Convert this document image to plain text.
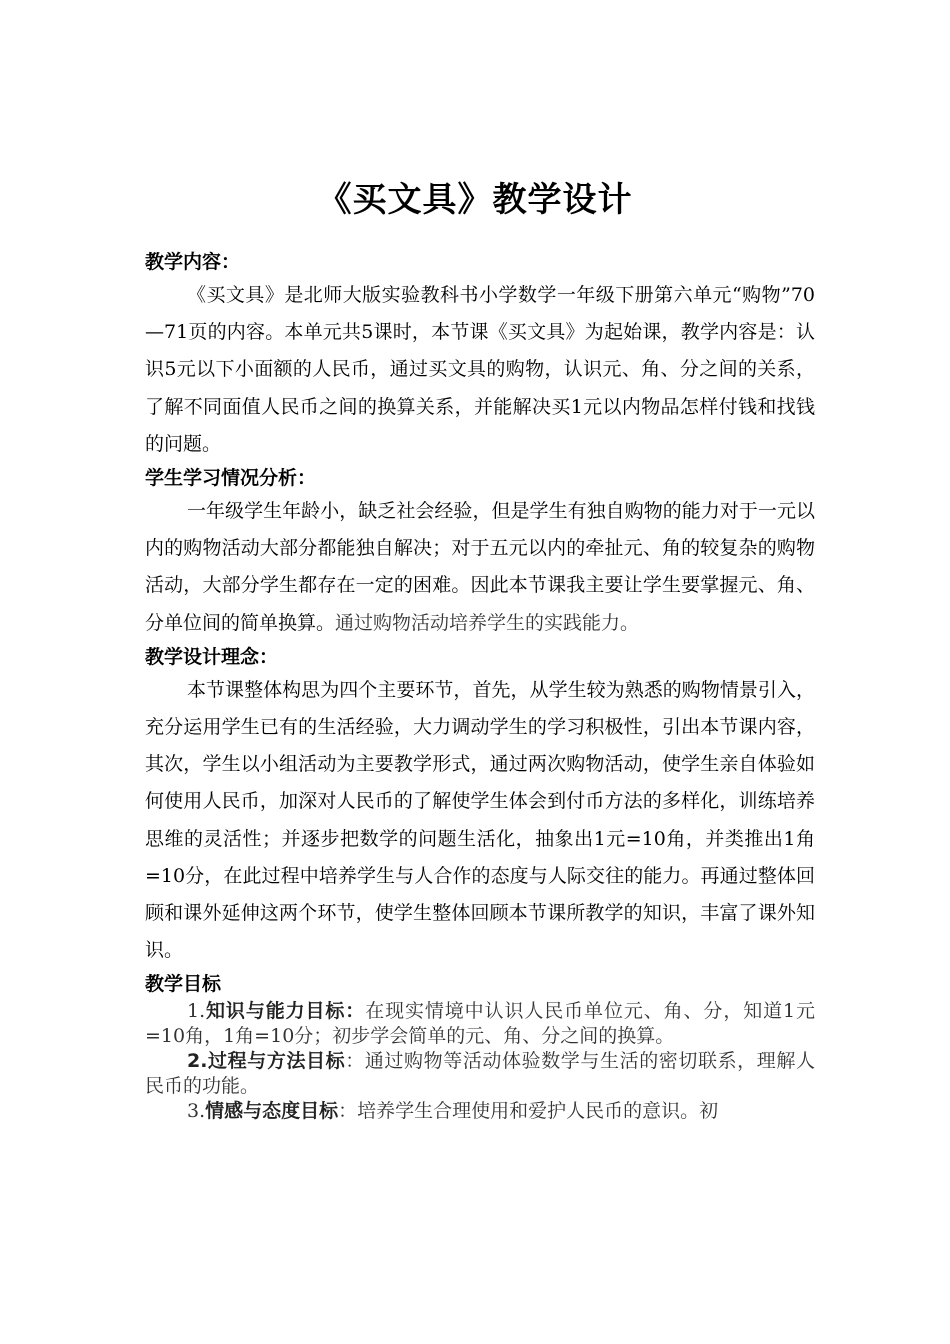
《买文具》教学设计

教学内容：

《买文具》是北师大版实验教科书小学数学一年级下册第六单元“购物”70—71页的内容。本单元共5课时，本节课《买文具》为起始课，教学内容是：认识5元以下小面额的人民币，通过买文具的购物，认识元、角、分之间的关系，了解不同面值人民币之间的换算关系，并能解决买1元以内物品怎样付钱和找钱的问题。

学生学习情况分析：

一年级学生年龄小，缺乏社会经验，但是学生有独自购物的能力对于一元以内的购物活动大部分都能独自解决；对于五元以内的牵扯元、角的较复杂的购物活动，大部分学生都存在一定的困难。因此本节课我主要让学生要掌握元、角、分单位间的简单换算。通过购物活动培养学生的实践能力。

教学设计理念：

本节课整体构思为四个主要环节，首先，从学生较为熟悉的购物情景引入，充分运用学生已有的生活经验，大力调动学生的学习积极性，引出本节课内容，其次，学生以小组活动为主要教学形式，通过两次购物活动，使学生亲自体验如何使用人民币，加深对人民币的了解使学生体会到付币方法的多样化，训练培养思维的灵活性；并逐步把数学的问题生活化，抽象出1元=10角，并类推出1角=10分，在此过程中培养学生与人合作的态度与人际交往的能力。再通过整体回顾和课外延伸这两个环节，使学生整体回顾本节课所教学的知识，丰富了课外知识。

教学目标

1.知识与能力目标：在现实情境中认识人民币单位元、角、分，知道1元=10角，1角=10分；初步学会简单的元、角、分之间的换算。

2.过程与方法目标：通过购物等活动体验数学与生活的密切联系，理解人民币的功能。

3.情感与态度目标：培养学生合理使用和爱护人民币的意识。初
